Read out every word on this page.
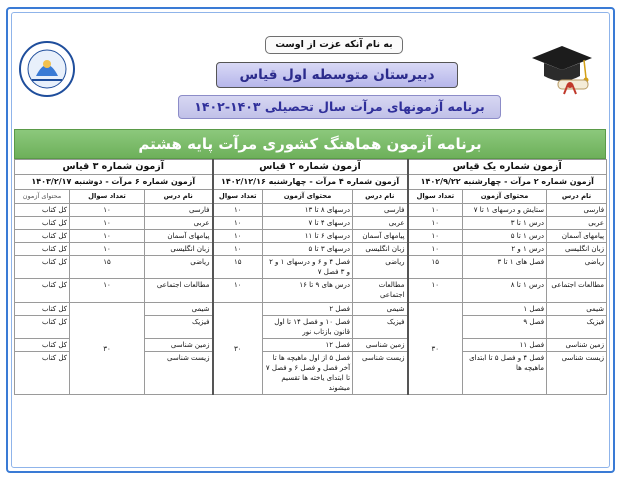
به نام آنکه عزت از اوست
دبیرستان متوسطه اول قیاس
برنامه آزمونهای مرآت سال تحصیلی ۱۴۰۳-۱۴۰۲
برنامه آزمون هماهنگ کشوری مرآت پایه هشتم
آزمون شماره یک قیاس			آزمون شماره ۲ قیاس			آزمون شماره ۳ قیاس		
آزمون شماره ۲ مرآت - چهارشنبه ۱۴۰۲/۹/۲۲			آزمون شماره ۴ مرآت - چهارشنبه ۱۴۰۲/۱۲/۱۶			آزمون شماره ۶ مرآت - دوشنبه ۱۴۰۳/۲/۱۷		
نام درس	محتوای آزمون	تعداد سوال	نام درس	محتوای آزمون	تعداد سوال	نام درس	تعداد سوال	محتوای آزمون
فارسی	ستایش و درسهای ۱ تا ۷	۱۰	فارسی	درسهای ۸ تا ۱۳	۱۰	فارسی	۱۰	کل کتاب
عربی	درس ۱ تا ۳	۱۰	عربی	درسهای ۴ تا ۷	۱۰	عربی	۱۰	کل کتاب
پیامهای آسمان	درس ۱ تا ۵	۱۰	پیامهای آسمان	درسهای ۶ تا ۱۱	۱۰	پیامهای آسمان	۱۰	کل کتاب
زبان انگلیسی	درس ۱ و ۲	۱۰	زبان انگلیسی	درسهای ۳ تا ۵	۱۰	زبان انگلیسی	۱۰	کل کتاب
ریاضی	فصل های ۱ تا ۳	۱۵	ریاضی	فصل ۴ و ۶ و درسهای ۱ و ۲ و ۳ فصل ۷	۱۵	ریاضی	۱۵	کل کتاب
مطالعات اجتماعی	درس ۱ تا ۸	۱۰	مطالعات اجتماعی	درس های ۹ تا ۱۶	۱۰	مطالعات اجتماعی	۱۰	کل کتاب
شیمی	فصل ۱	۳۰	شیمی	فصل ۲	۳۰	شیمی	۳۰	کل کتاب
فیزیک	فصل ۹		فیزیک	فصل ۱۰ و فصل ۱۴ تا اول قانون بازتاب نور		فیزیک		کل کتاب
زمین شناسی	فصل ۱۱		زمین شناسی	فصل ۱۲		زمین شناسی		کل کتاب
زیست شناسی	فصل ۴ و فصل ۵ تا ابتدای ماهیچه ها		زیست شناسی	فصل ۵ از اول ماهیچه ها تا آخر فصل و فصل ۶ و فصل ۷ تا ابتدای یاخته ها تقسیم میشوند		زیست شناسی		کل کتاب
